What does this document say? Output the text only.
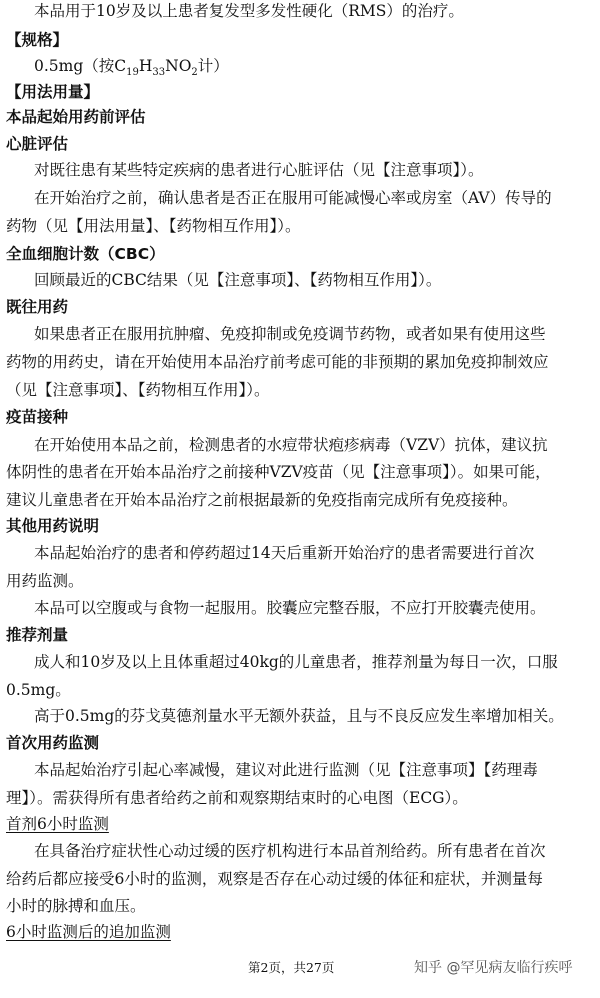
本品用于10岁及以上患者复发型多发性硬化（RMS）的治疗。
【规格】
0.5mg（按$C_{19}H_{33}NO_2$计）
【用法用量】
本品起始用药前评估
心脏评估
对既往患有某些特定疾病的患者进行心脏评估（见【注意事项】）。
在开始治疗之前，确认患者是否正在服用可能减慢心率或房室（AV）传导的
药物（见【用法用量】、【药物相互作用】）。
全血细胞计数（CBC）
回顾最近的CBC结果（见【注意事项】、【药物相互作用】）。
既往用药
如果患者正在服用抗肿瘤、免疫抑制或免疫调节药物，或者如果有使用这些
药物的用药史，请在开始使用本品治疗前考虑可能的非预期的累加免疫抑制效应
（见【注意事项】、【药物相互作用】）。
疫苗接种
在开始使用本品之前，检测患者的水痘带状疱疹病毒（VZV）抗体，建议抗
体阴性的患者在开始本品治疗之前接种VZV疫苗（见【注意事项】）。如果可能，
建议儿童患者在开始本品治疗之前根据最新的免疫指南完成所有免疫接种。
其他用药说明
本品起始治疗的患者和停药超过14天后重新开始治疗的患者需要进行首次
用药监测。
本品可以空腹或与食物一起服用。胶囊应完整吞服，不应打开胶囊壳使用。
推荐剂量
成人和10岁及以上且体重超过40kg的儿童患者，推荐剂量为每日一次，口服
0.5mg。
高于0.5mg的芬戈莫德剂量水平无额外获益，且与不良反应发生率增加相关。
首次用药监测
本品起始治疗引起心率减慢，建议对此进行监测（见【注意事项】【药理毒
理】）。需获得所有患者给药之前和观察期结束时的心电图（ECG）。
首剂6小时监测
在具备治疗症状性心动过缓的医疗机构进行本品首剂给药。所有患者在首次
给药后都应接受6小时的监测，观察是否存在心动过缓的体征和症状，并测量每
小时的脉搏和血压。
6小时监测后的追加监测
第2页，共27页	知乎 @罕见病友临行疾呼
